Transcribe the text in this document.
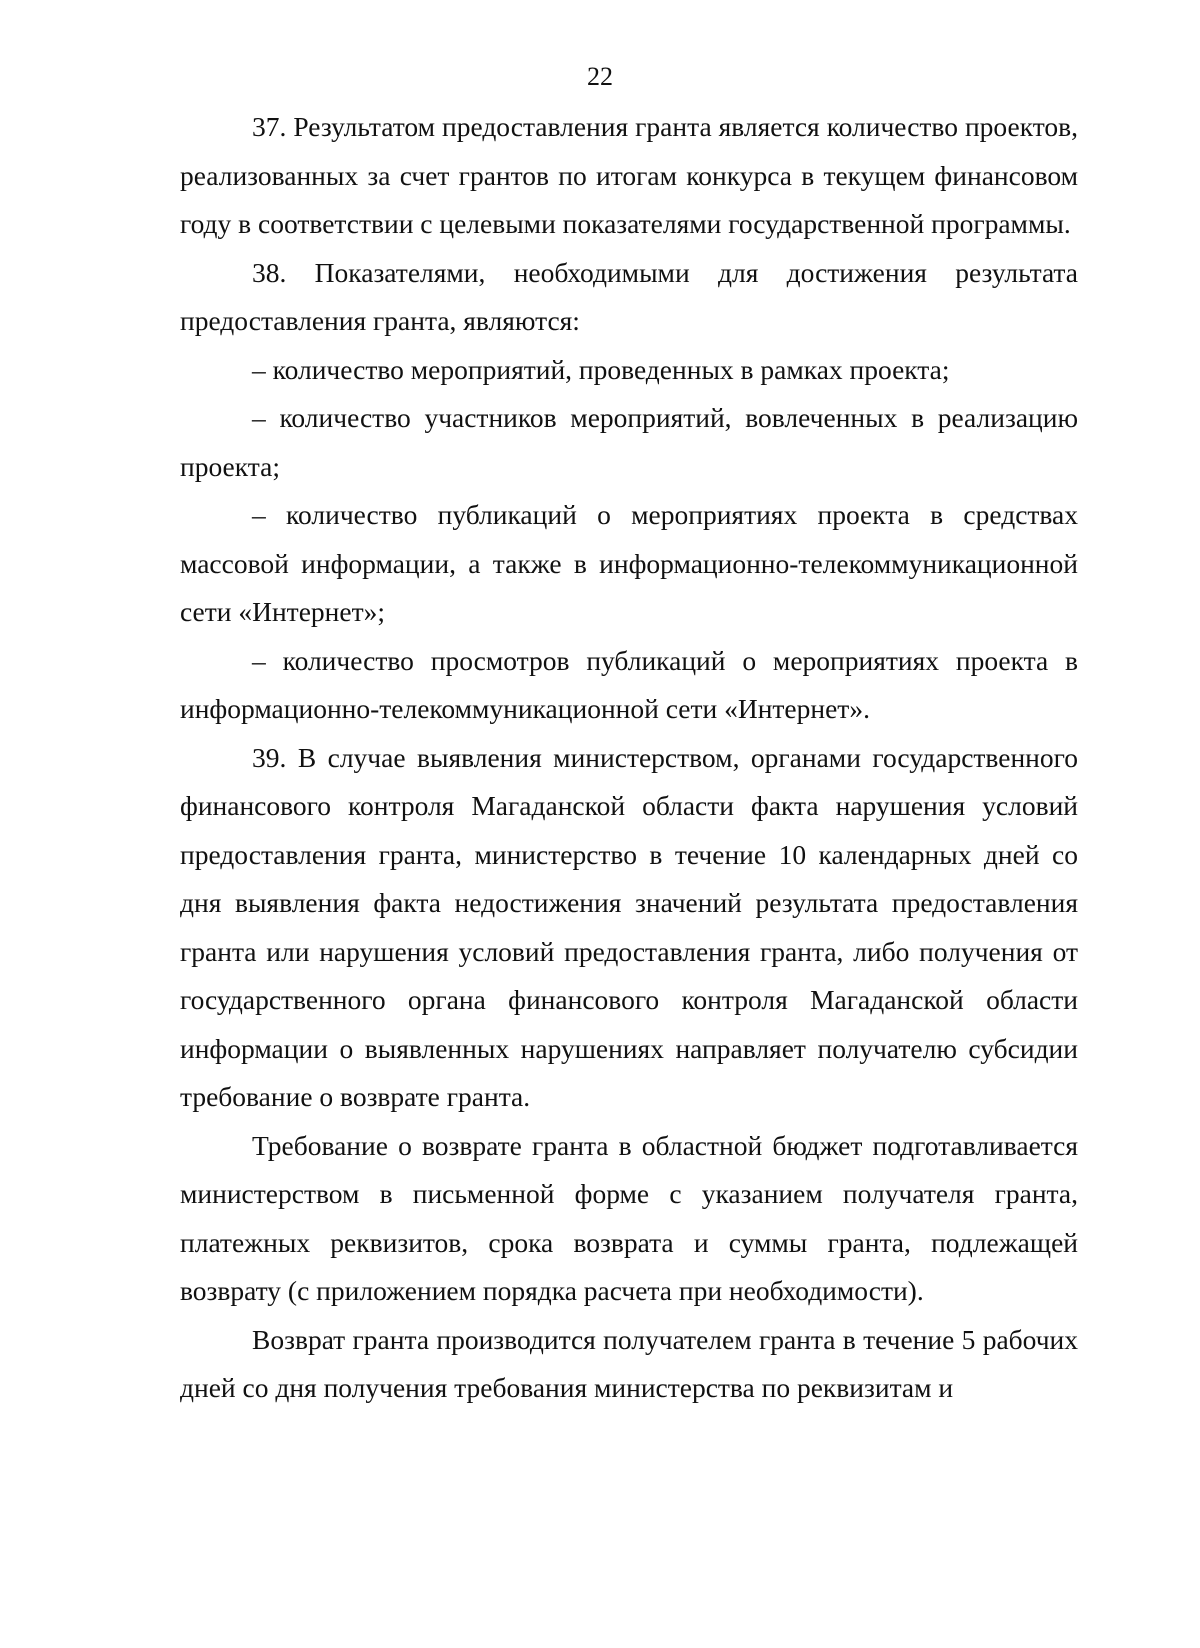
22

37. Результатом предоставления гранта является количество проектов, реализованных за счет грантов по итогам конкурса в текущем финансовом году в соответствии с целевыми показателями государственной программы.

38. Показателями, необходимыми для достижения результата предоставления гранта, являются:

– количество мероприятий, проведенных в рамках проекта;

– количество участников мероприятий, вовлеченных в реализацию проекта;

– количество публикаций о мероприятиях проекта в средствах массовой информации, а также в информационно-телекоммуникационной сети «Интернет»;

– количество просмотров публикаций о мероприятиях проекта в информационно-телекоммуникационной сети «Интернет».

39. В случае выявления министерством, органами государственного финансового контроля Магаданской области факта нарушения условий предоставления гранта, министерство в течение 10 календарных дней со дня выявления факта недостижения значений результата предоставления гранта или нарушения условий предоставления гранта, либо получения от государственного органа финансового контроля Магаданской области информации о выявленных нарушениях направляет получателю субсидии требование о возврате гранта.

Требование о возврате гранта в областной бюджет подготавливается министерством в письменной форме с указанием получателя гранта, платежных реквизитов, срока возврата и суммы гранта, подлежащей возврату (с приложением порядка расчета при необходимости).

Возврат гранта производится получателем гранта в течение 5 рабочих дней со дня получения требования министерства по реквизитам и
